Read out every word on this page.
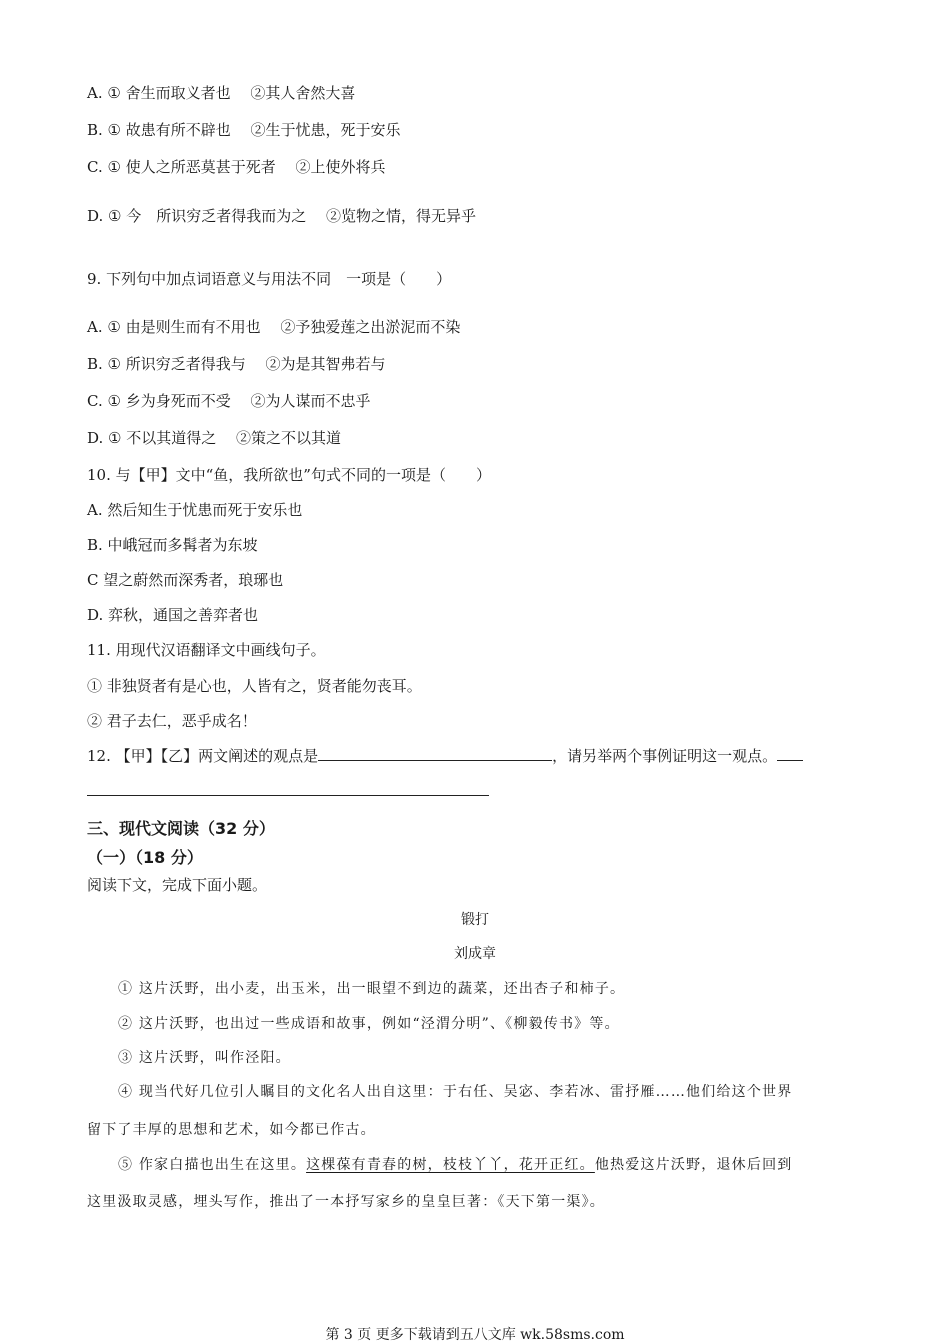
A. ① 舍生而取义者也　 ②其人舍然大喜
B. ① 故患有所不辟也　 ②生于忧患，死于安乐
C. ① 使人之所恶莫甚于死者　 ②上使外将兵
D. ① 今　所识穷乏者得我而为之　 ②览物之情，得无异乎
9. 下列句中加点词语意义与用法不同　一项是（　　）
A. ① 由是则生而有不用也　 ②予独爱莲之出淤泥而不染
B. ① 所识穷乏者得我与　 ②为是其智弗若与
C. ① 乡为身死而不受　 ②为人谋而不忠乎
D. ① 不以其道得之　 ②策之不以其道
10. 与【甲】文中“鱼，我所欲也”句式不同的一项是（　　）
A. 然后知生于忧患而死于安乐也
B. 中峨冠而多髯者为东坡
C 望之蔚然而深秀者，琅琊也
D. 弈秋，通国之善弈者也
11. 用现代汉语翻译文中画线句子。
① 非独贤者有是心也，人皆有之，贤者能勿丧耳。
② 君子去仁，恶乎成名！
12. 【甲】【乙】两文阐述的观点是	，请另举两个事例证明这一观点。
三、现代文阅读（32 分）
（一）（18 分）
阅读下文，完成下面小题。
锻打
刘成章
① 这片沃野，出小麦，出玉米，出一眼望不到边的蔬菜，还出杏子和柿子。
② 这片沃野，也出过一些成语和故事，例如“泾渭分明”、《柳毅传书》等。
③ 这片沃野，叫作泾阳。
④ 现当代好几位引人瞩目的文化名人出自这里：于右任、吴宓、李若冰、雷抒雁……他们给这个世界
留下了丰厚的思想和艺术，如今都已作古。
⑤ 作家白描也出生在这里。这棵葆有青春的树，枝枝丫丫，花开正红。他热爱这片沃野，退休后回到
这里汲取灵感，埋头写作，推出了一本抒写家乡的皇皇巨著：《天下第一渠》。
第 3 页 更多下载请到五八文库 wk.58sms.com
